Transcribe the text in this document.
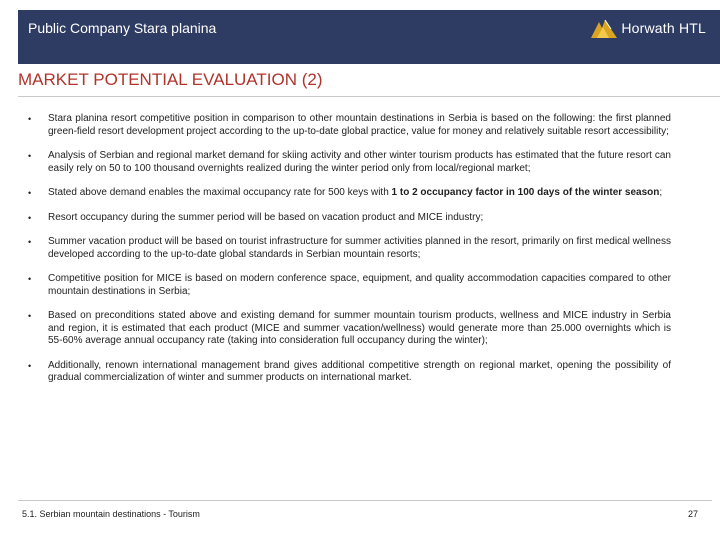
Public Company Stara planina	Horwath HTL
MARKET POTENTIAL EVALUATION (2)
• Stara planina resort competitive position in comparison to other mountain destinations in Serbia is based on the following: the first planned green-field resort development project according to the up-to-date global practice, value for money and relatively suitable resort accessibility;
• Analysis of Serbian and regional market demand for skiing activity and other winter tourism products has estimated that the future resort can easily rely on 50 to 100 thousand overnights realized during the winter period only from local/regional market;
• Stated above demand enables the maximal occupancy rate for 500 keys with 1 to 2 occupancy factor in 100 days of the winter season;
• Resort occupancy during the summer period will be based on vacation product and MICE industry;
• Summer vacation product will be based on tourist infrastructure for summer activities planned in the resort, primarily on first medical wellness developed according to the up-to-date global standards in Serbian mountain resorts;
• Competitive position for MICE is based on modern conference space, equipment, and quality accommodation capacities compared to other mountain destinations in Serbia;
• Based on preconditions stated above and existing demand for summer mountain tourism products, wellness and MICE industry in Serbia and region, it is estimated that each product (MICE and summer vacation/wellness) would generate more than 25.000 overnights which is 55-60% average annual occupancy rate (taking into consideration full occupancy during the winter);
• Additionally, renown international management brand gives additional competitive strength on regional market, opening the possibility of gradual commercialization of winter and summer products on international market.
5.1. Serbian mountain destinations - Tourism	27
